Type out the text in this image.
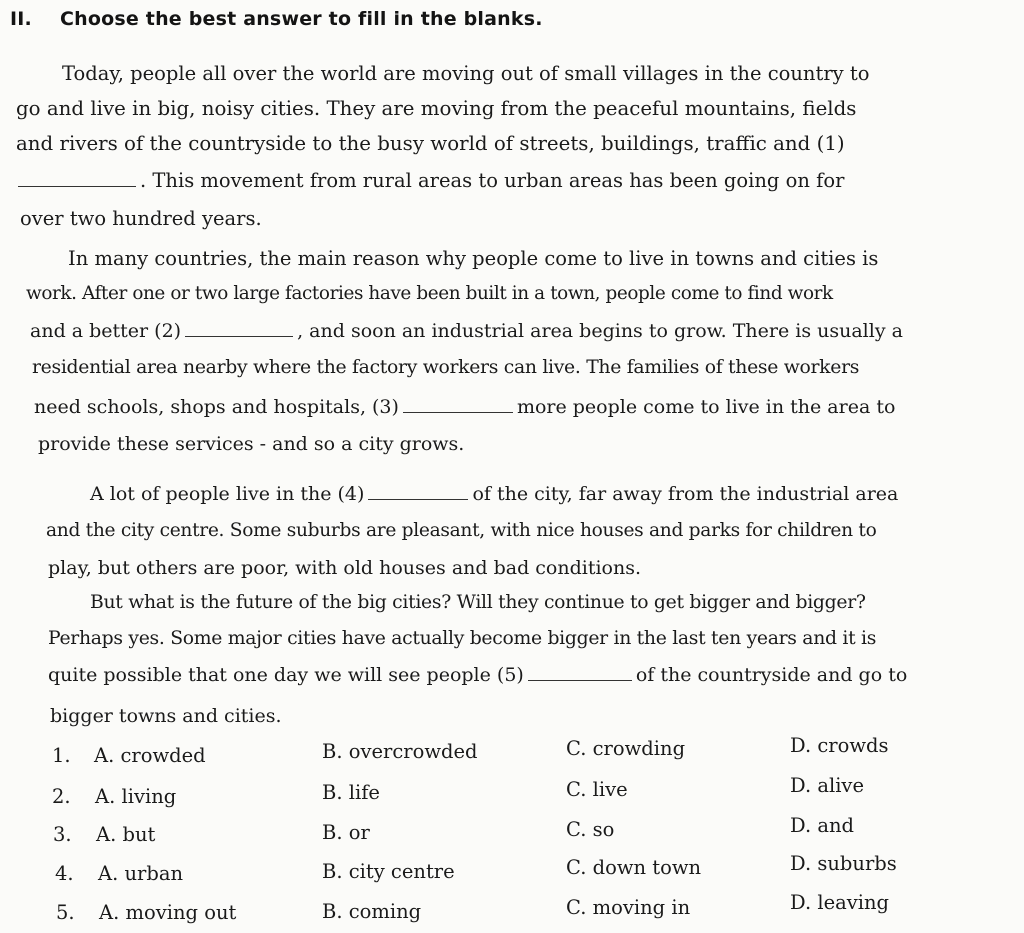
II. Choose the best answer to fill in the blanks.
Today, people all over the world are moving out of small villages in the country to
go and live in big, noisy cities. They are moving from the peaceful mountains, fields
and rivers of the countryside to the busy world of streets, buildings, traffic and (1)
. This movement from rural areas to urban areas has been going on for
over two hundred years.
In many countries, the main reason why people come to live in towns and cities is
work. After one or two large factories have been built in a town, people come to find work
and a better (2)	, and soon an industrial area begins to grow. There is usually a
residential area nearby where the factory workers can live. The families of these workers
need schools, shops and hospitals, (3)	more people come to live in the area to
provide these services - and so a city grows.
A lot of people live in the (4)	of the city, far away from the industrial area
and the city centre. Some suburbs are pleasant, with nice houses and parks for children to
play, but others are poor, with old houses and bad conditions.
But what is the future of the big cities? Will they continue to get bigger and bigger?
Perhaps yes. Some major cities have actually become bigger in the last ten years and it is
quite possible that one day we will see people (5)	of the countryside and go to
bigger towns and cities.
1. A. crowded	B. overcrowded	C. crowding	D. crowds
2. A. living	B. life	C. live	D. alive
3. A. but	B. or	C. so	D. and
4. A. urban	B. city centre	C. down town	D. suburbs
5. A. moving out	B. coming	C. moving in	D. leaving
